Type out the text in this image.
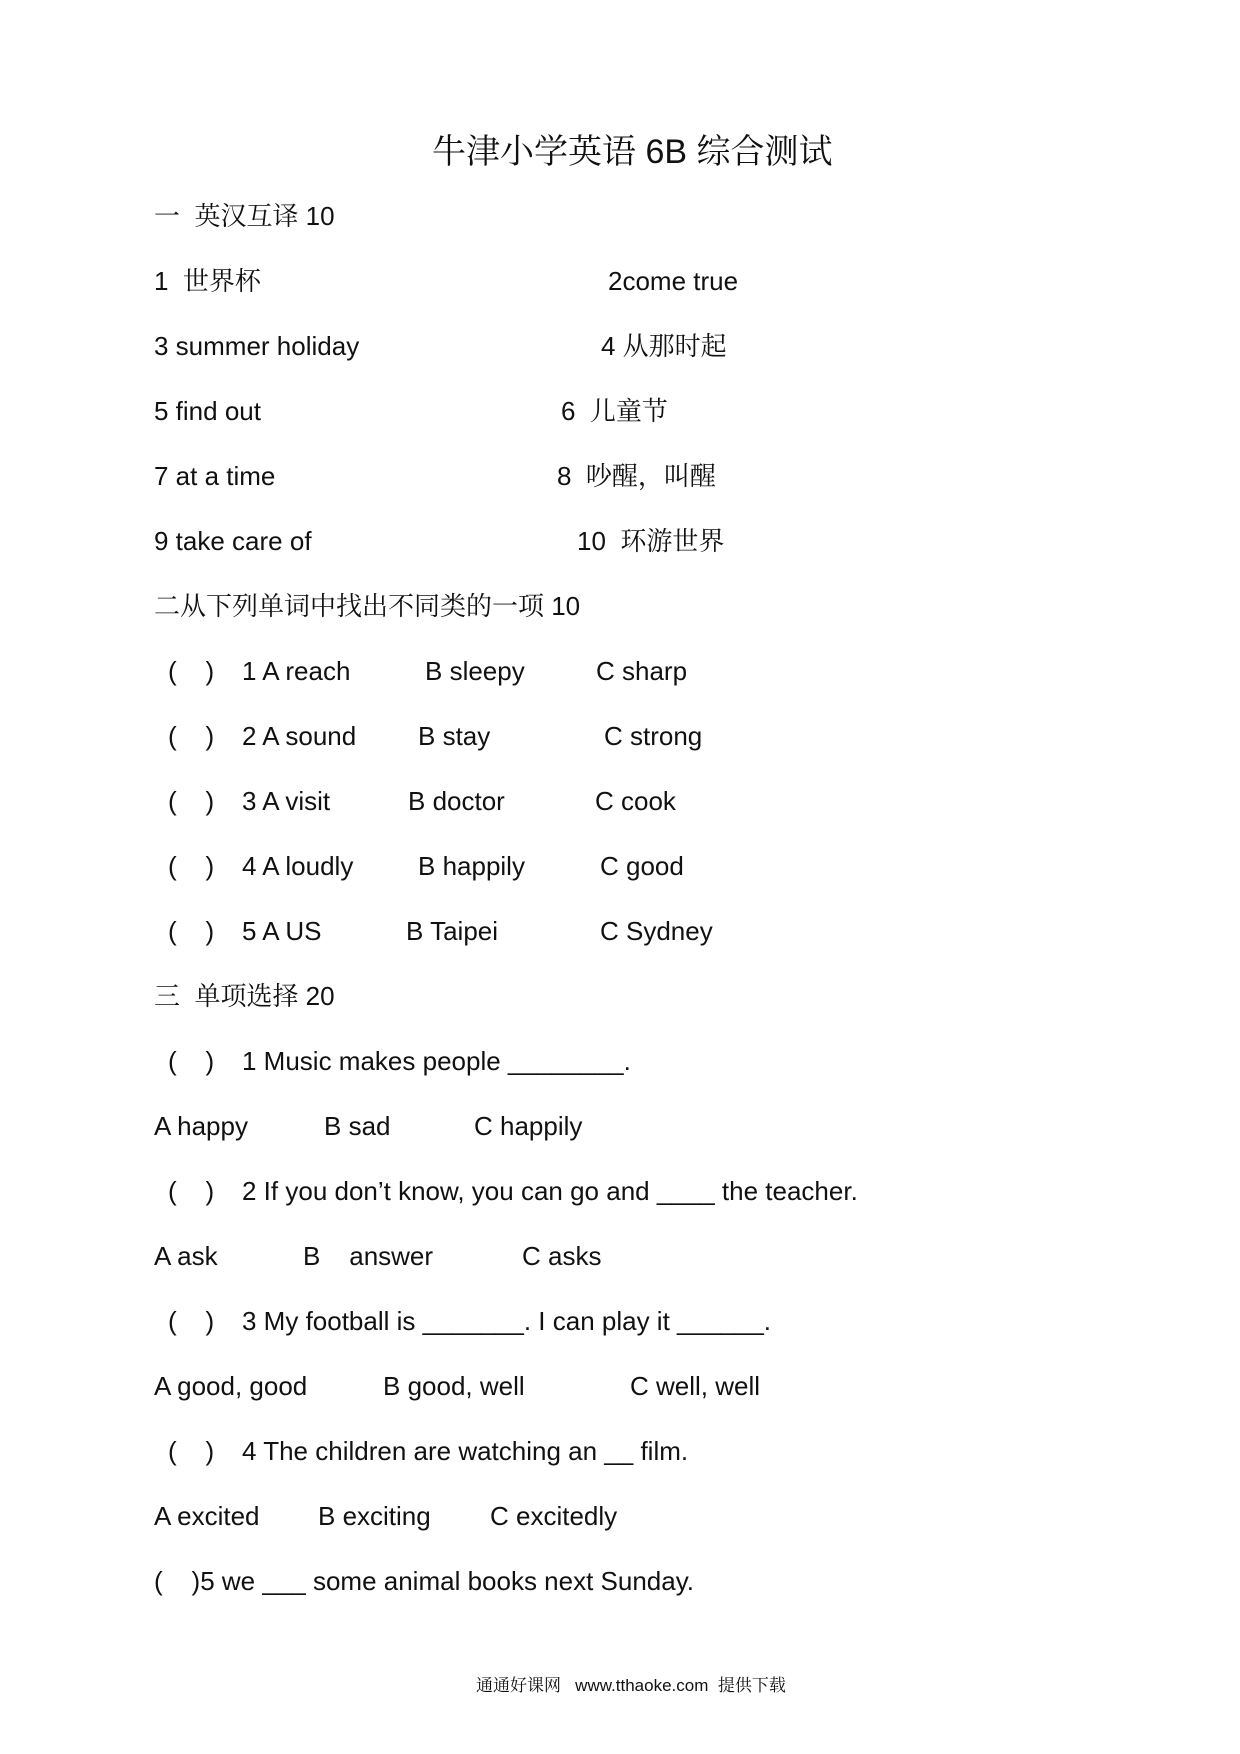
牛津小学英语 6B 综合测试
一  英汉互译 10
1  世界杯	2come true
3 summer holiday	4 从那时起
5 find out	6  儿童节
7 at a time	8  吵醒，叫醒
9 take care of	10  环游世界
二从下列单词中找出不同类的一项 10
(    ) 1 A reach	B sleepy	C sharp
(    ) 2 A sound B stay	C strong
(    ) 3 A visit	B doctor	C cook
(    ) 4 A loudly B happily	C good
(    ) 5 A US	B Taipei	C Sydney
三  单项选择 20
(    ) 1 Music makes people ________.
A happy	B sad	C happily
(    ) 2 If you don’t know, you can go and ____ the teacher.
A ask	B    answer	C asks
(    ) 3 My football is _______. I can play it ______.
A good, good	B good, well	C well, well
(    ) 4 The children are watching an __ film.
A excited B exciting C excitedly
(    )5 we ___ some animal books next Sunday.
通通好课网   www.tthaoke.com  提供下载
